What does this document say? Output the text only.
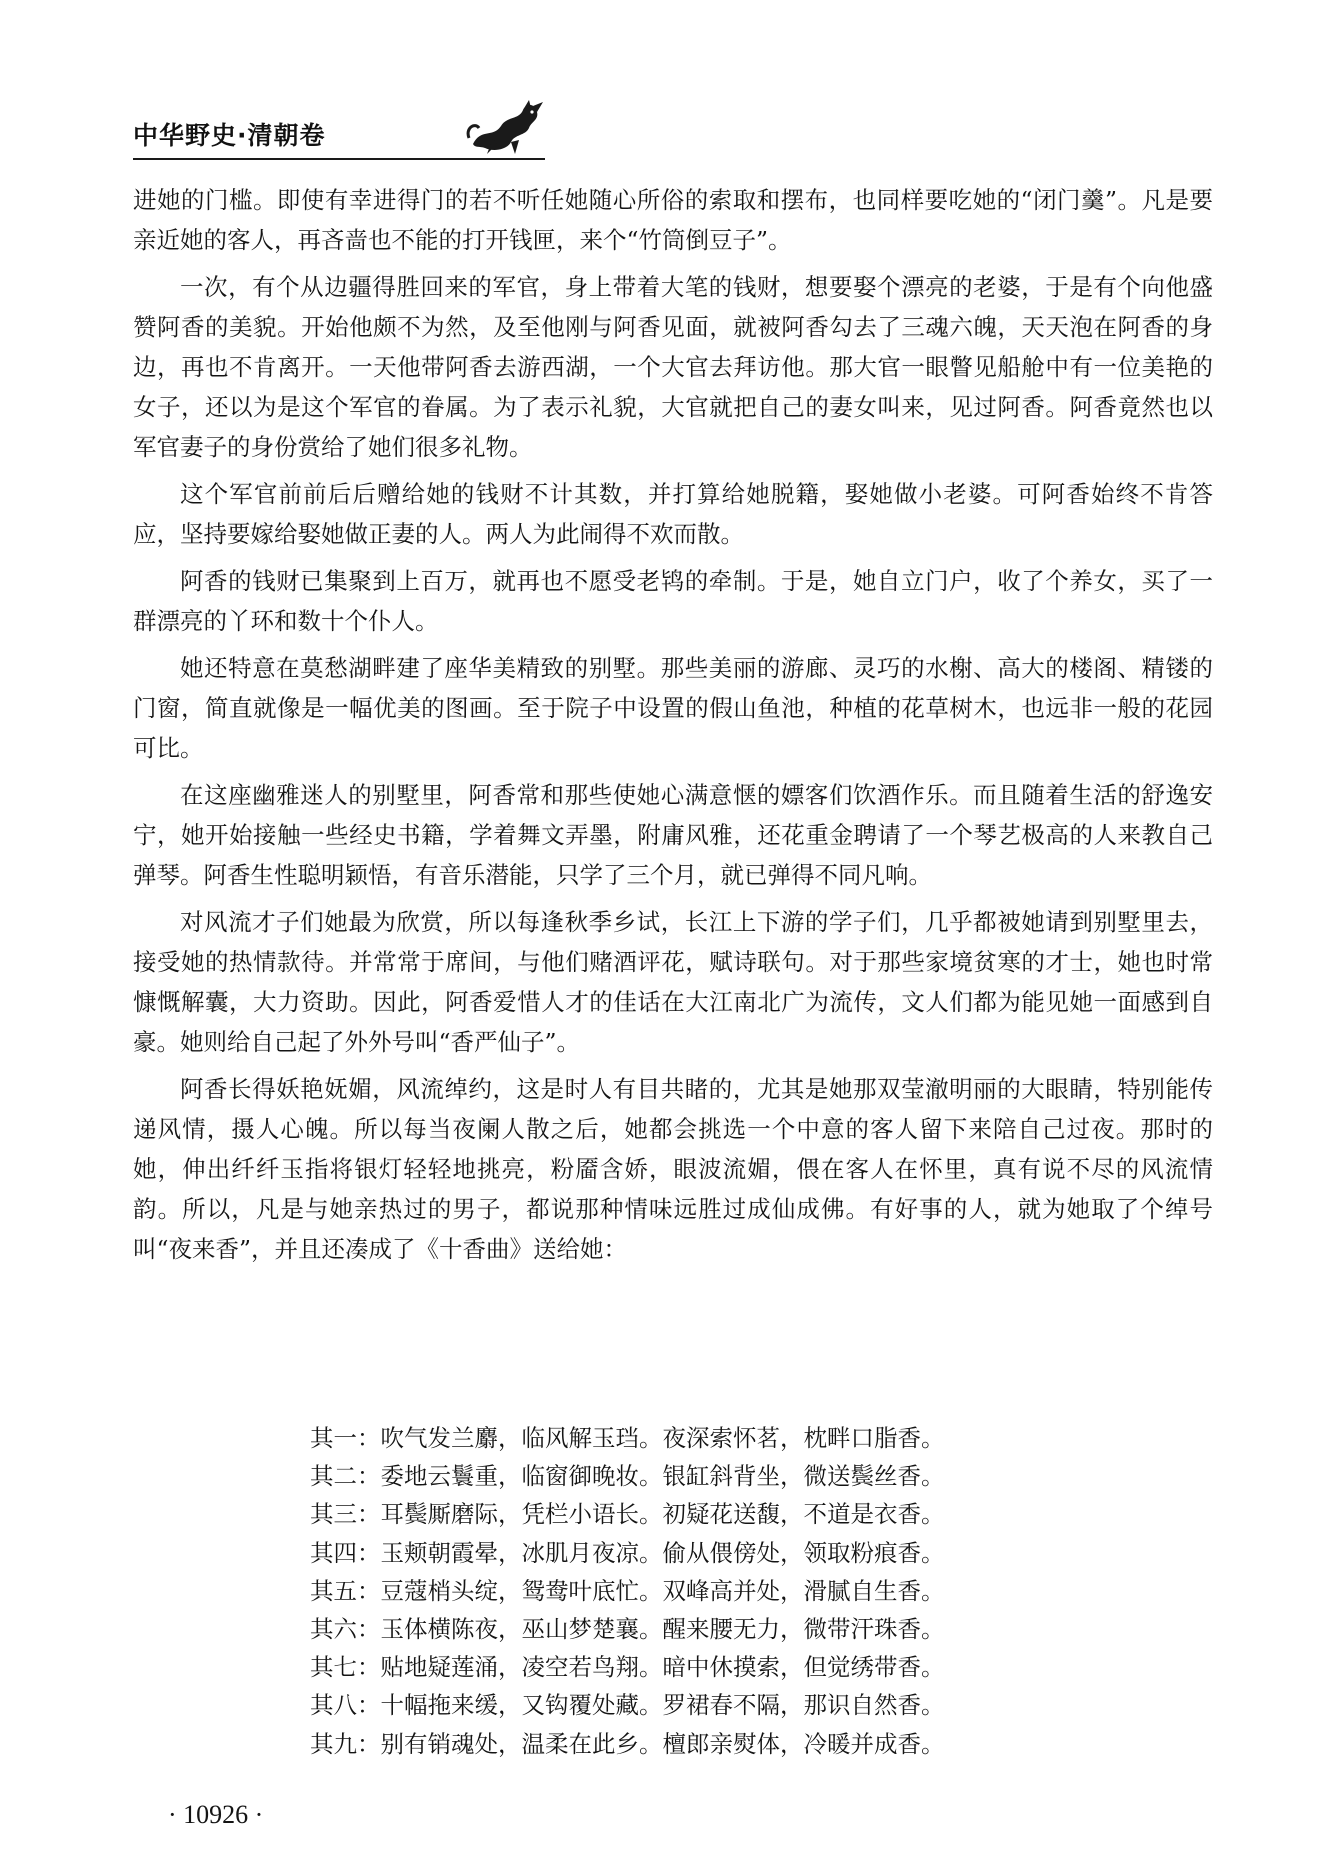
中华野史·清朝卷

进她的门槛。即使有幸进得门的若不听任她随心所俗的索取和摆布，也同样要吃她的“闭门羹”。凡是要亲近她的客人，再吝啬也不能的打开钱匣，来个“竹筒倒豆子”。

一次，有个从边疆得胜回来的军官，身上带着大笔的钱财，想要娶个漂亮的老婆，于是有个向他盛赞阿香的美貌。开始他颇不为然，及至他刚与阿香见面，就被阿香勾去了三魂六魄，天天泡在阿香的身边，再也不肯离开。一天他带阿香去游西湖，一个大官去拜访他。那大官一眼瞥见船舱中有一位美艳的女子，还以为是这个军官的眷属。为了表示礼貌，大官就把自己的妻女叫来，见过阿香。阿香竟然也以军官妻子的身份赏给了她们很多礼物。

这个军官前前后后赠给她的钱财不计其数，并打算给她脱籍，娶她做小老婆。可阿香始终不肯答应，坚持要嫁给娶她做正妻的人。两人为此闹得不欢而散。

阿香的钱财已集聚到上百万，就再也不愿受老鸨的牵制。于是，她自立门户，收了个养女，买了一群漂亮的丫环和数十个仆人。

她还特意在莫愁湖畔建了座华美精致的别墅。那些美丽的游廊、灵巧的水榭、高大的楼阁、精镂的门窗，简直就像是一幅优美的图画。至于院子中设置的假山鱼池，种植的花草树木，也远非一般的花园可比。

在这座幽雅迷人的别墅里，阿香常和那些使她心满意惬的嫖客们饮酒作乐。而且随着生活的舒逸安宁，她开始接触一些经史书籍，学着舞文弄墨，附庸风雅，还花重金聘请了一个琴艺极高的人来教自己弹琴。阿香生性聪明颖悟，有音乐潜能，只学了三个月，就已弹得不同凡响。

对风流才子们她最为欣赏，所以每逢秋季乡试，长江上下游的学子们，几乎都被她请到别墅里去，接受她的热情款待。并常常于席间，与他们赌酒评花，赋诗联句。对于那些家境贫寒的才士，她也时常慷慨解囊，大力资助。因此，阿香爱惜人才的佳话在大江南北广为流传，文人们都为能见她一面感到自豪。她则给自己起了外外号叫“香严仙子”。

阿香长得妖艳妩媚，风流绰约，这是时人有目共睹的，尤其是她那双莹澈明丽的大眼睛，特别能传递风情，摄人心魄。所以每当夜阑人散之后，她都会挑选一个中意的客人留下来陪自己过夜。那时的她，伸出纤纤玉指将银灯轻轻地挑亮，粉靥含娇，眼波流媚，偎在客人在怀里，真有说不尽的风流情韵。所以，凡是与她亲热过的男子，都说那种情味远胜过成仙成佛。有好事的人，就为她取了个绰号叫“夜来香”，并且还凑成了《十香曲》送给她：

其一：吹气发兰麝，临风解玉珰。夜深索怀茗，枕畔口脂香。
其二：委地云鬟重，临窗御晚妆。银缸斜背坐，微送鬓丝香。
其三：耳鬓厮磨际，凭栏小语长。初疑花送馥，不道是衣香。
其四：玉颊朝霞晕，冰肌月夜凉。偷从偎傍处，领取粉痕香。
其五：豆蔻梢头绽，鸳鸯叶底忙。双峰高并处，滑腻自生香。
其六：玉体横陈夜，巫山梦楚襄。醒来腰无力，微带汗珠香。
其七：贴地疑莲涌，凌空若鸟翔。暗中休摸索，但觉绣带香。
其八：十幅拖来缓，又钩覆处藏。罗裙春不隔，那识自然香。
其九：别有销魂处，温柔在此乡。檀郎亲熨体，冷暖并成香。
· 10926 ·
